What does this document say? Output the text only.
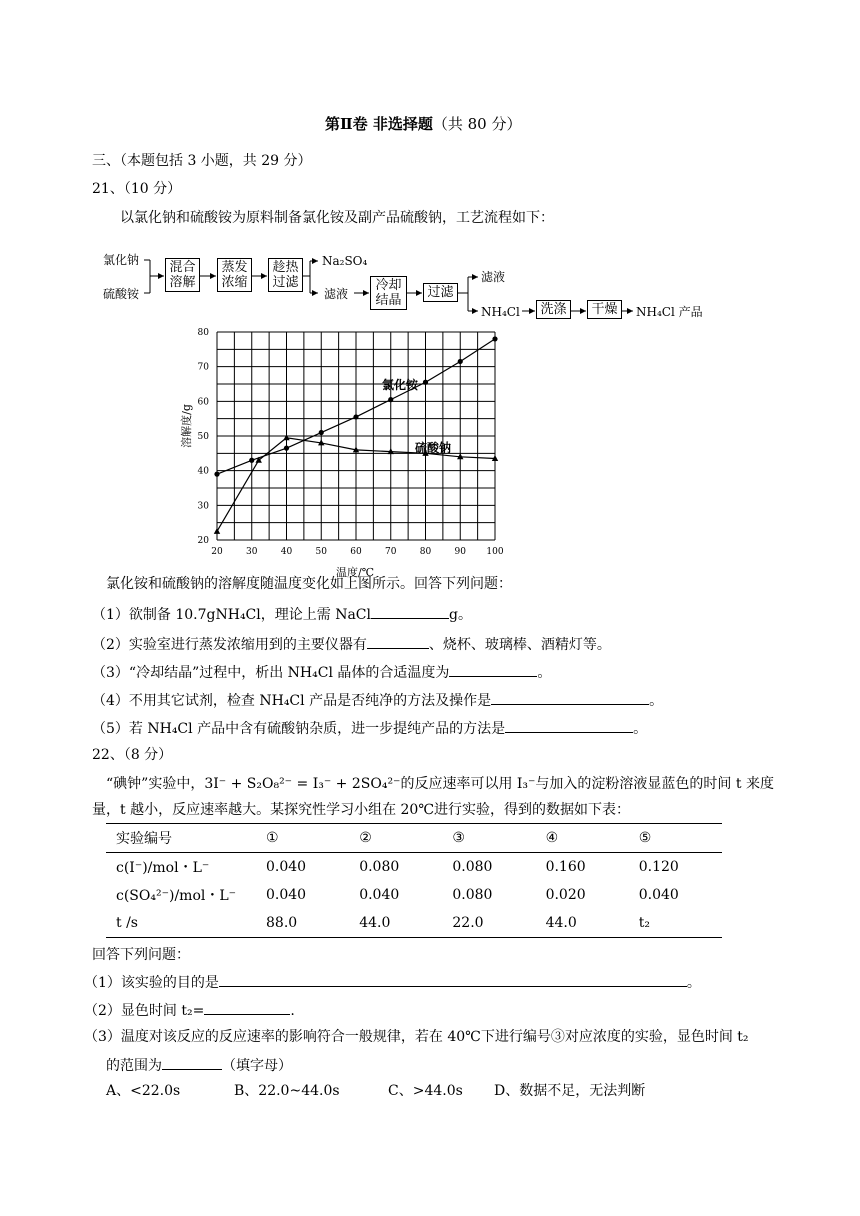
第Ⅱ卷 非选择题（共 80 分）
三、（本题包括 3 小题，共 29 分）
21、（10 分）
以氯化钠和硫酸铵为原料制备氯化铵及副产品硫酸钠，工艺流程如下：
氯化钠
硫酸铵
混合
溶解
蒸发
浓缩
趁热
过滤
Na₂SO₄
滤液
冷却
结晶
过滤
滤液
NH₄Cl	洗涤	干燥	NH₄Cl 产品
20	30	40	50	60	70	80	90 100
20
30
40
50
60
70
80
氯化铵
硫酸钠
温度/℃
溶解度/g
氯化铵和硫酸钠的溶解度随温度变化如上图所示。回答下列问题：
（1）欲制备 10.7gNH₄Cl，理论上需 NaCl	g。
（2）实验室进行蒸发浓缩用到的主要仪器有	、烧杯、玻璃棒、酒精灯等。
（3）“冷却结晶”过程中，析出 NH₄Cl 晶体的合适温度为	。
（4）不用其它试剂，检查 NH₄Cl 产品是否纯净的方法及操作是	。
（5）若 NH₄Cl 产品中含有硫酸钠杂质，进一步提纯产品的方法是	。
22、（8 分）
“碘钟”实验中，3I⁻ + S₂O₈²⁻ = I₃⁻ + 2SO₄²⁻的反应速率可以用 I₃⁻与加入的淀粉溶液显蓝色的时间 t 来度
量，t 越小，反应速率越大。某探究性学习小组在 20℃进行实验，得到的数据如下表：
实验编号	①	②	③	④	⑤
c(I⁻)/mol・L⁻	0.040	0.080	0.080	0.160	0.120
c(SO₄²⁻)/mol・L⁻	0.040	0.040	0.080	0.020	0.040
t /s	88.0	44.0	22.0	44.0	t₂
回答下列问题：
（1）该实验的目的是	。
（2）显色时间 t₂=	.
（3）温度对该反应的反应速率的影响符合一般规律，若在 40℃下进行编号③对应浓度的实验，显色时间 t₂
的范围为	（填字母）
A、<22.0s	B、22.0~44.0s	C、>44.0s D、数据不足，无法判断
